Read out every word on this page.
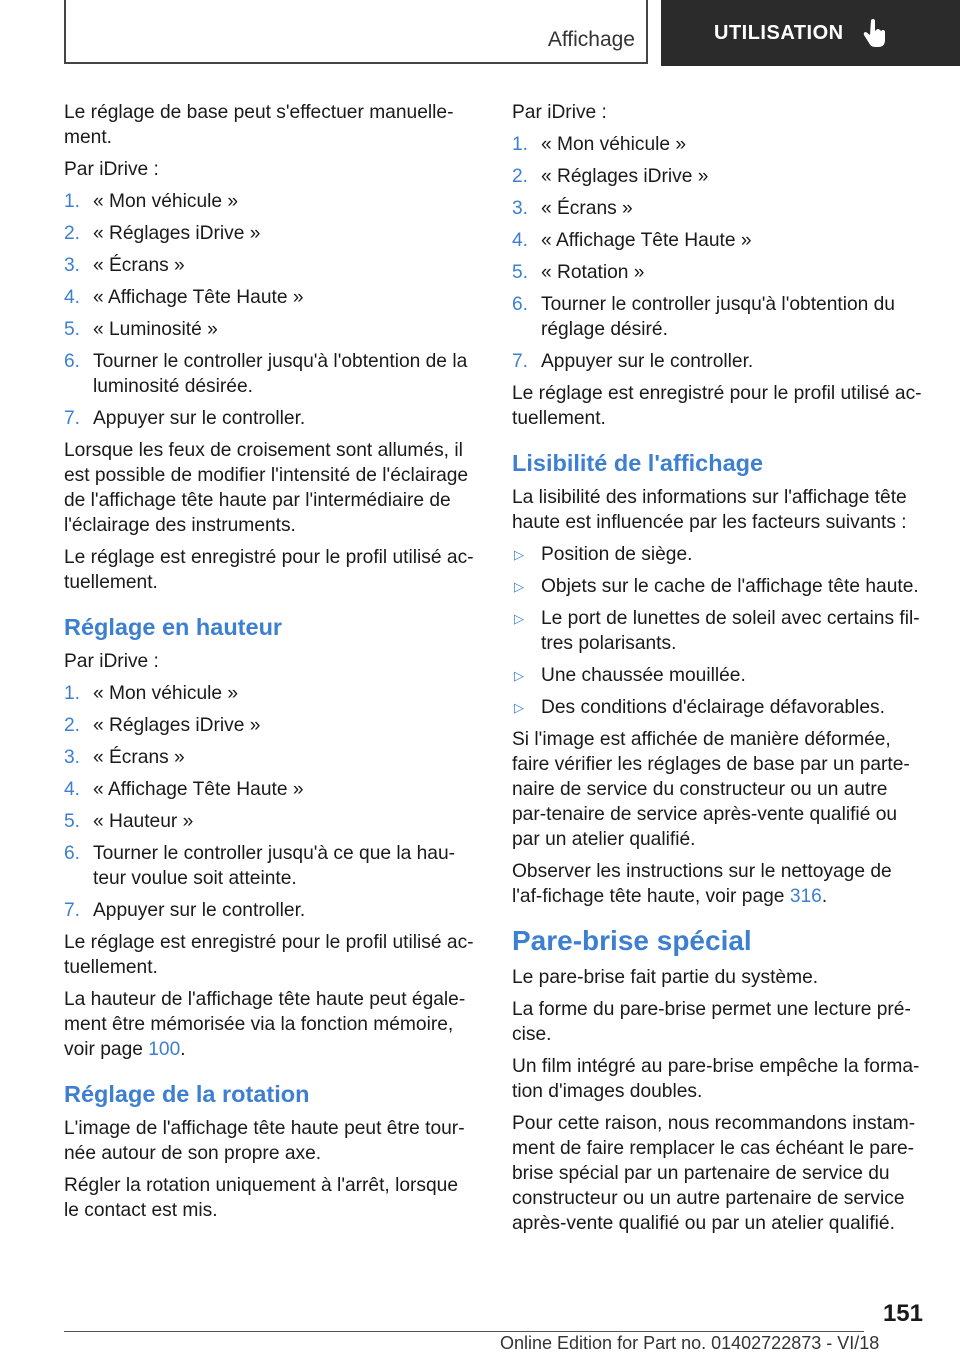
Affichage	UTILISATION

Le réglage de base peut s'effectuer manuelle‐ment.

Par iDrive :

1. « Mon véhicule »
2. « Réglages iDrive »
3. « Écrans »
4. « Affichage Tête Haute »
5. « Luminosité »
6. Tourner le controller jusqu'à l'obtention de la luminosité désirée.
7. Appuyer sur le controller.

Lorsque les feux de croisement sont allumés, il est possible de modifier l'intensité de l'éclairage de l'affichage tête haute par l'intermédiaire de l'éclairage des instruments.

Le réglage est enregistré pour le profil utilisé ac‐tuellement.

Réglage en hauteur

Par iDrive :

1. « Mon véhicule »
2. « Réglages iDrive »
3. « Écrans »
4. « Affichage Tête Haute »
5. « Hauteur »
6. Tourner le controller jusqu'à ce que la hau‐teur voulue soit atteinte.
7. Appuyer sur le controller.

Le réglage est enregistré pour le profil utilisé ac‐tuellement.

La hauteur de l'affichage tête haute peut égale‐ment être mémorisée via la fonction mémoire, voir page 100.

Réglage de la rotation

L'image de l'affichage tête haute peut être tour‐née autour de son propre axe.

Régler la rotation uniquement à l'arrêt, lorsque le contact est mis.

Par iDrive :

1. « Mon véhicule »
2. « Réglages iDrive »
3. « Écrans »
4. « Affichage Tête Haute »
5. « Rotation »
6. Tourner le controller jusqu'à l'obtention du réglage désiré.
7. Appuyer sur le controller.

Le réglage est enregistré pour le profil utilisé ac‐tuellement.

Lisibilité de l'affichage

La lisibilité des informations sur l'affichage tête haute est influencée par les facteurs suivants :

▷ Position de siège.
▷ Objets sur le cache de l'affichage tête haute.
▷ Le port de lunettes de soleil avec certains fil‐tres polarisants.
▷ Une chaussée mouillée.
▷ Des conditions d'éclairage défavorables.

Si l'image est affichée de manière déformée, faire vérifier les réglages de base par un parte‐naire de service du constructeur ou un autre par‐tenaire de service après-vente qualifié ou par un atelier qualifié.

Observer les instructions sur le nettoyage de l'af‐fichage tête haute, voir page 316.

Pare-brise spécial

Le pare-brise fait partie du système.

La forme du pare-brise permet une lecture pré‐cise.

Un film intégré au pare-brise empêche la forma‐tion d'images doubles.

Pour cette raison, nous recommandons instam‐ment de faire remplacer le cas échéant le pare-brise spécial par un partenaire de service du constructeur ou un autre partenaire de service après-vente qualifié ou par un atelier qualifié.

151
Online Edition for Part no. 01402722873 - VI/18
